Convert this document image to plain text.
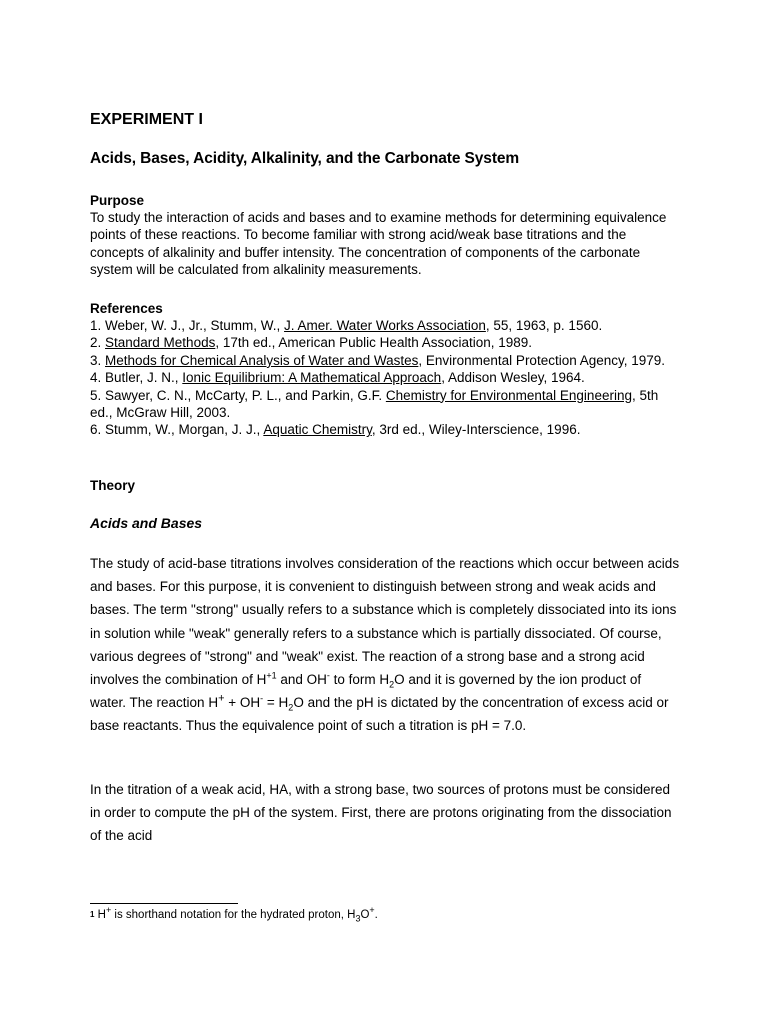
EXPERIMENT I
Acids, Bases, Acidity, Alkalinity, and the Carbonate System

Purpose

To study the interaction of acids and bases and to examine methods for determining equivalence points of these reactions. To become familiar with strong acid/weak base titrations and the concepts of alkalinity and buffer intensity. The concentration of components of the carbonate system will be calculated from alkalinity measurements.

References

1. Weber, W. J., Jr., Stumm, W., J. Amer. Water Works Association, 55, 1963, p. 1560.

2. Standard Methods, 17th ed., American Public Health Association, 1989.

3. Methods for Chemical Analysis of Water and Wastes, Environmental Protection Agency, 1979.

4. Butler, J. N., Ionic Equilibrium: A Mathematical Approach, Addison Wesley, 1964.

5. Sawyer, C. N., McCarty, P. L., and Parkin, G.F. Chemistry for Environmental Engineering, 5th ed., McGraw Hill, 2003.

6. Stumm, W., Morgan, J. J., Aquatic Chemistry, 3rd ed., Wiley-Interscience, 1996.

Theory
Acids and Bases

The study of acid-base titrations involves consideration of the reactions which occur between acids and bases. For this purpose, it is convenient to distinguish between strong and weak acids and bases. The term "strong" usually refers to a substance which is completely dissociated into its ions in solution while "weak" generally refers to a substance which is partially dissociated. Of course, various degrees of "strong" and "weak" exist. The reaction of a strong base and a strong acid involves the combination of $H^{+1}$ and OH- to form $H_2O$ and it is governed by the ion product of water. The reaction $H^+ + OH^- = H_2O$ and the pH is dictated by the concentration of excess acid or base reactants. Thus the equivalence point of such a titration is pH = 7.0.

In the titration of a weak acid, HA, with a strong base, two sources of protons must be considered in order to compute the pH of the system. First, there are protons originating from the dissociation of the acid

$^1$ H+ is shorthand notation for the hydrated proton, $H_3O^+$.
